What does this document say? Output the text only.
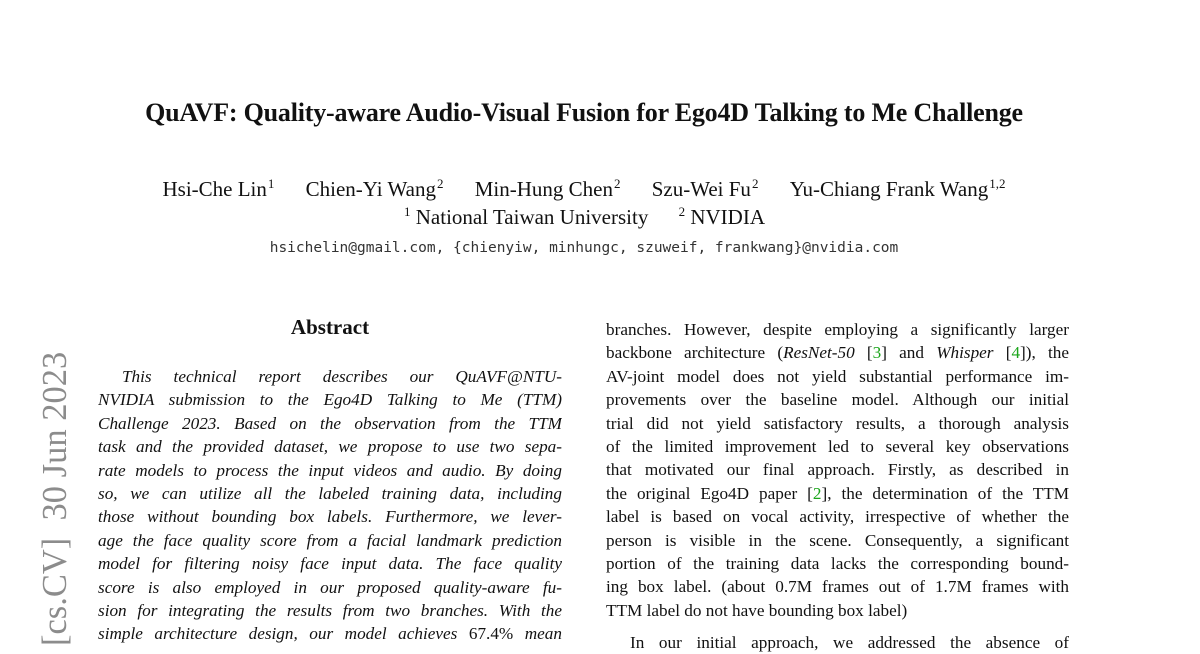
QuAVF: Quality-aware Audio-Visual Fusion for Ego4D Talking to Me Challenge
Hsi-Che Lin$^1$ Chien-Yi Wang$^2$ Min-Hung Chen$^2$ Szu-Wei Fu$^2$ Yu-Chiang Frank Wang$^{1,2}$
$^1$ National Taiwan University $^2$ NVIDIA
hsichelin@gmail.com, {chienyiw, minhungc, szuweif, frankwang}@nvidia.com
[cs.CV]  30 Jun 2023
Abstract
This technical report describes our QuAVF@NTU-
NVIDIA submission to the Ego4D Talking to Me (TTM)
Challenge 2023. Based on the observation from the TTM
task and the provided dataset, we propose to use two sepa-
rate models to process the input videos and audio. By doing
so, we can utilize all the labeled training data, including
those without bounding box labels. Furthermore, we lever-
age the face quality score from a facial landmark prediction
model for filtering noisy face input data. The face quality
score is also employed in our proposed quality-aware fu-
sion for integrating the results from two branches. With the
simple architecture design, our model achieves 67.4% mean
branches. However, despite employing a significantly larger
backbone architecture (ResNet-50 [3] and Whisper [4]), the
AV-joint model does not yield substantial performance im-
provements over the baseline model. Although our initial
trial did not yield satisfactory results, a thorough analysis
of the limited improvement led to several key observations
that motivated our final approach. Firstly, as described in
the original Ego4D paper [2], the determination of the TTM
label is based on vocal activity, irrespective of whether the
person is visible in the scene. Consequently, a significant
portion of the training data lacks the corresponding bound-
ing box label. (about 0.7M frames out of 1.7M frames with
TTM label do not have bounding box label)
In our initial approach, we addressed the absence of
